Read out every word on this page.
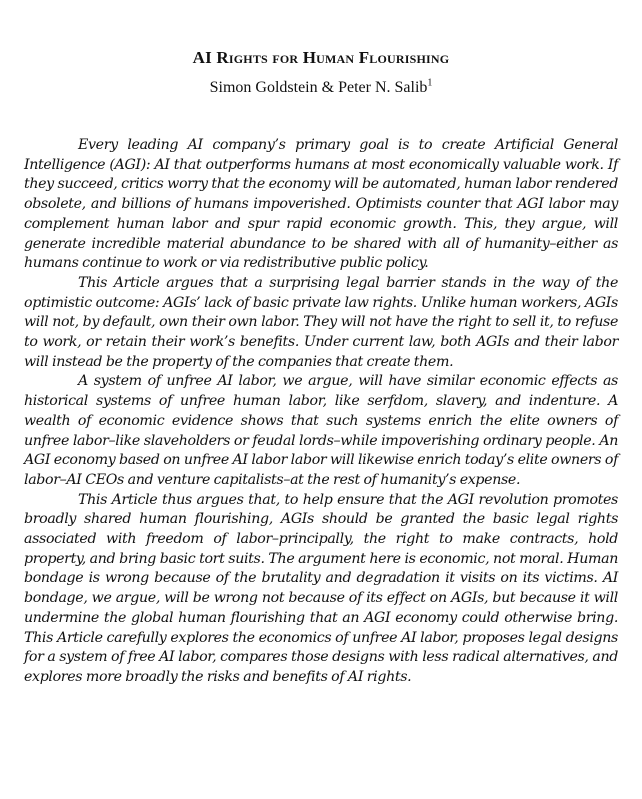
AI Rights for Human Flourishing
Simon Goldstein & Peter N. Salib$^1$

Every leading AI company’s primary goal is to create Artificial General Intelligence (AGI): AI that outperforms humans at most economically valuable work. If they succeed, critics worry that the economy will be automated, human labor rendered obsolete, and billions of humans impoverished. Optimists counter that AGI labor may complement human labor and spur rapid economic growth. This, they argue, will generate incredible material abundance to be shared with all of humanity–either as humans continue to work or via redistributive public policy.

This Article argues that a surprising legal barrier stands in the way of the optimistic outcome: AGIs’ lack of basic private law rights. Unlike human workers, AGIs will not, by default, own their own labor. They will not have the right to sell it, to refuse to work, or retain their work’s benefits. Under current law, both AGIs and their labor will instead be the property of the companies that create them.

A system of unfree AI labor, we argue, will have similar economic effects as historical systems of unfree human labor, like serfdom, slavery, and indenture. A wealth of economic evidence shows that such systems enrich the elite owners of unfree labor–like slaveholders or feudal lords–while impoverishing ordinary people. An AGI economy based on unfree AI labor labor will likewise enrich today’s elite owners of labor–AI CEOs and venture capitalists–at the rest of humanity’s expense.

This Article thus argues that, to help ensure that the AGI revolution promotes broadly shared human flourishing, AGIs should be granted the basic legal rights associated with freedom of labor–principally, the right to make contracts, hold property, and bring basic tort suits. The argument here is economic, not moral. Human bondage is wrong because of the brutality and degradation it visits on its victims. AI bondage, we argue, will be wrong not because of its effect on AGIs, but because it will undermine the global human flourishing that an AGI economy could otherwise bring. This Article carefully explores the economics of unfree AI labor, proposes legal designs for a system of free AI labor, compares those designs with less radical alternatives, and explores more broadly the risks and benefits of AI rights.
